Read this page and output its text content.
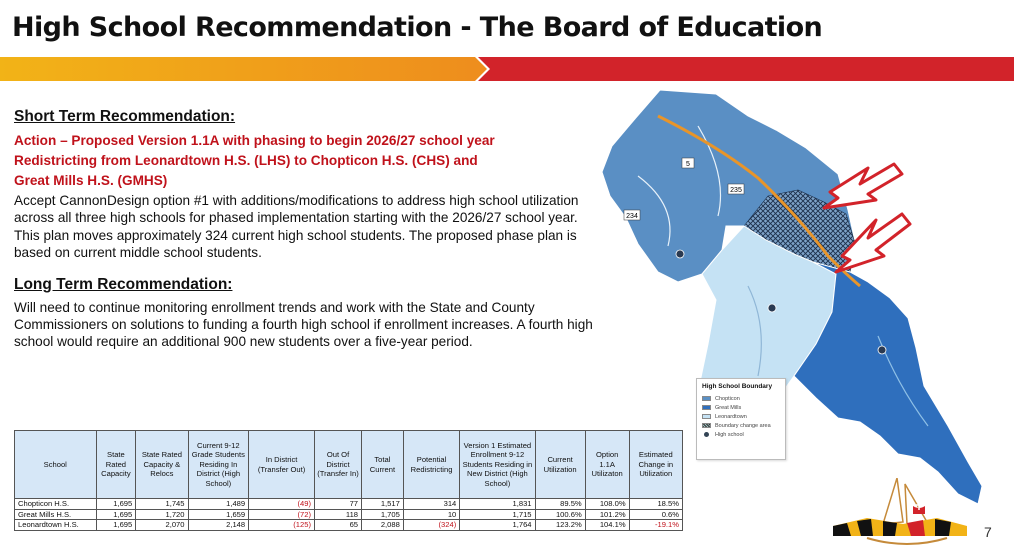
High School Recommendation - The Board of Education
Short Term Recommendation:
Action – Proposed Version 1.1A with phasing to begin 2026/27 school year
Redistricting from Leonardtown H.S. (LHS) to Chopticon H.S. (CHS) and
Great Mills H.S. (GMHS)
Accept CannonDesign option #1 with additions/modifications to address high school utilization across all three high schools for phased implementation starting with the 2026/27 school year. This plan moves approximately 324 current high school students. The proposed phase plan is based on current middle school students.
Long Term Recommendation:
Will need to continue monitoring enrollment trends and work with the State and County Commissioners on solutions to funding a fourth high school if enrollment increases. A fourth high school would require an additional 900 new students over a five-year period.
5
235
234
High School Boundary
Chopticon
Great Mills
Leonardtown
Boundary change area
High school
School	State Rated Capacity	State Rated Capacity & Relocs	Current 9-12 Grade Students Residing In District (High School)	In District (Transfer Out)	Out Of District (Transfer In)	Total Current	Potential Redistricting	Version 1 Estimated Enrollment 9-12 Students Residing in New District (High School)	Current Utilization	Option 1.1A Utilizaton	Estimated Change in Utilization
Chopticon H.S.	1,695	1,745	1,489	(49)	77	1,517	314	1,831	89.5%	108.0%	18.5%
Great Mills H.S.	1,695	1,720	1,659	(72)	118	1,705	10	1,715	100.6%	101.2%	0.6%
Leonardtown H.S.	1,695	2,070	2,148	(125)	65	2,088	(324)	1,764	123.2%	104.1%	-19.1%	7
